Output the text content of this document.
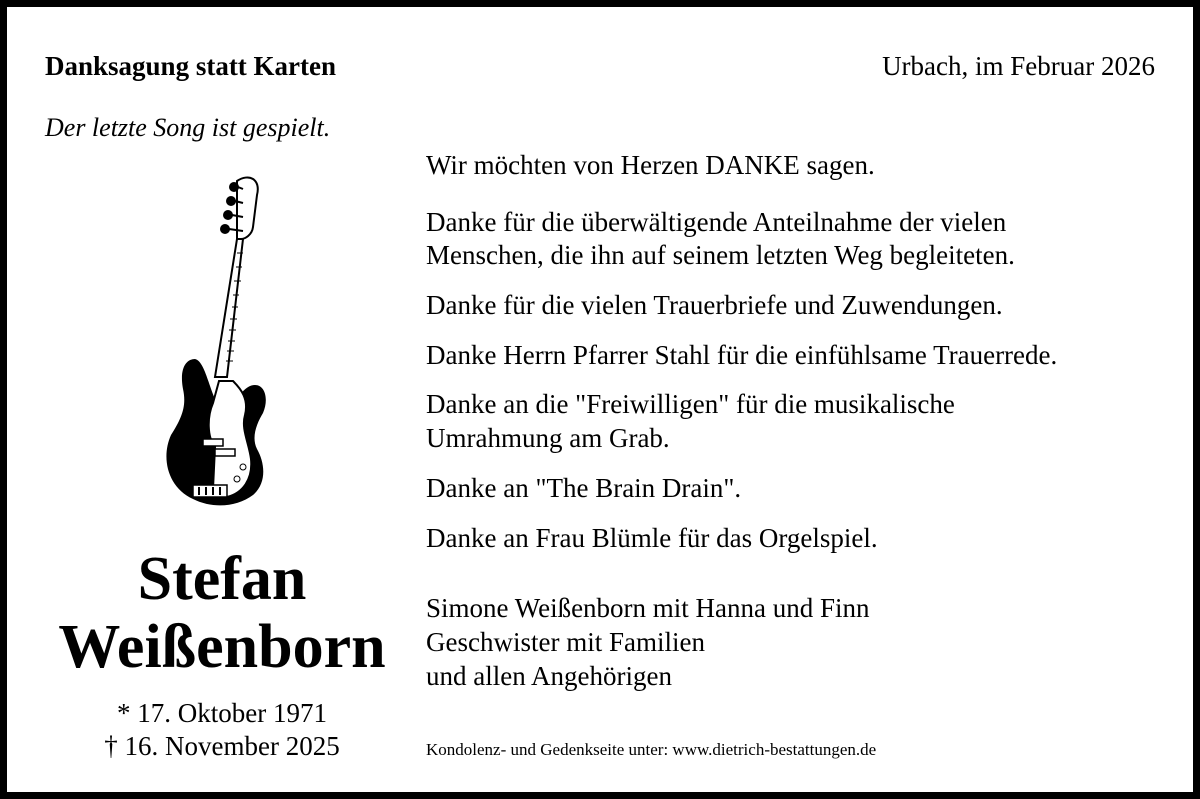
Danksagung statt Karten	Urbach, im Februar 2026
Der letzte Song ist gespielt.
Stefan
Weißenborn
* 17. Oktober 1971
† 16. November 2025
Wir möchten von Herzen DANKE sagen.
Danke für die überwältigende Anteilnahme der vielen
Menschen, die ihn auf seinem letzten Weg begleiteten.
Danke für die vielen Trauerbriefe und Zuwendungen.
Danke Herrn Pfarrer Stahl für die einfühlsame Trauerrede.
Danke an die "Freiwilligen" für die musikalische
Umrahmung am Grab.
Danke an "The Brain Drain".
Danke an Frau Blümle für das Orgelspiel.
Simone Weißenborn mit Hanna und Finn
Geschwister mit Familien
und allen Angehörigen
Kondolenz- und Gedenkseite unter: www.dietrich-bestattungen.de
